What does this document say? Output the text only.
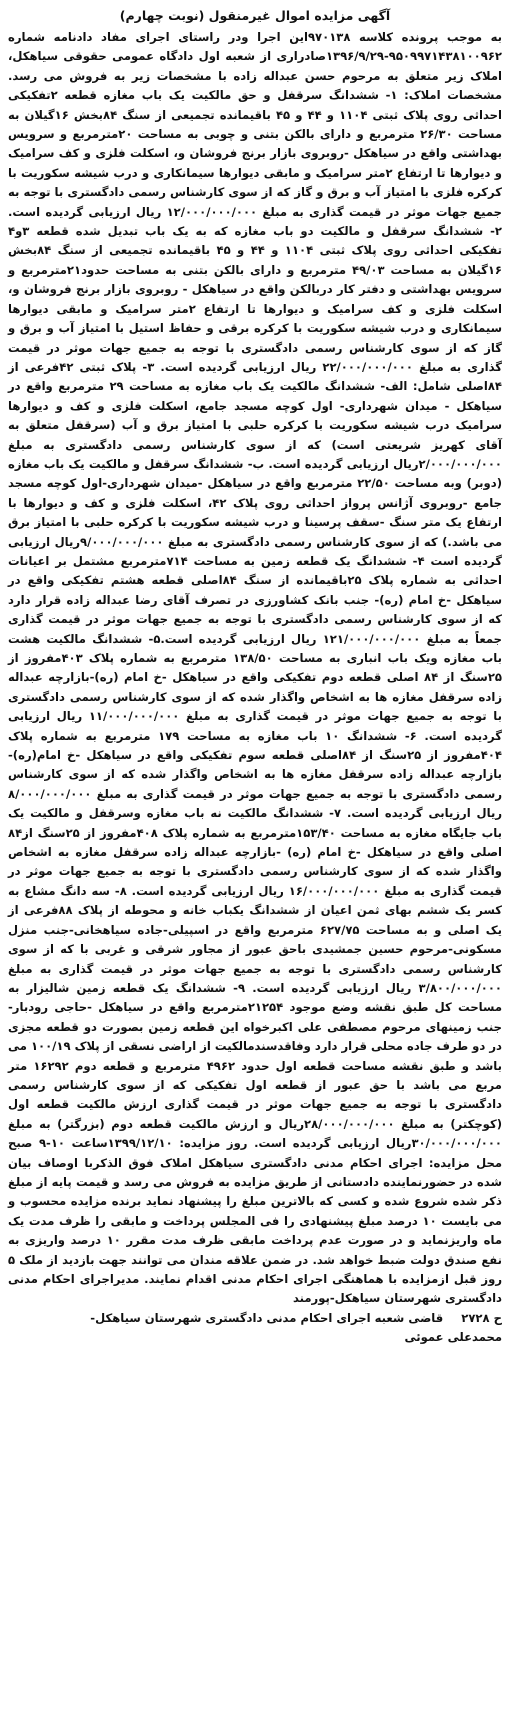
آگهی مزایده اموال غیرمنقول (نوبت چهارم)

به موجب پرونده کلاسه ۹۷۰۱۳۸این اجرا ودر راستای اجرای مفاد دادنامه شماره ۹۵۰۹۹۷۱۴۳۸۱۰۰۹۶۲-۱۳۹۶/۹/۲۹صادراری از شعبه اول دادگاه عمومی حقوقی سیاهکل، املاک زیر متعلق به مرحوم حسن عبداله زاده با مشخصات زیر به فروش می رسد. مشخصات املاک: ۱- ششدانگ سرقفل و حق مالکیت یک باب مغازه قطعه ۲تفکیکی احداثی روی پلاک ثبتی ۱۱۰۴ و ۴۴ و ۴۵ باقیمانده تجمیعی از سنگ ۸۴بخش ۱۶گیلان به مساحت ۲۶/۳۰ مترمربع و دارای بالکن بتنی و چوبی به مساحت ۲۰مترمربع و سرویس بهداشتی واقع در سیاهکل -روبروی بازار برنج فروشان و، اسکلت فلزی و کف سرامیک و دیوارها تا ارتفاع ۲متر سرامیک و مابقی دیوارها سیمانکاری و درب شیشه سکوریت با کرکره فلزی با امتیاز آب و برق و گاز که از سوی کارشناس رسمی دادگستری با توجه به جمیع جهات موثر در قیمت گذاری به مبلغ ۱۲/۰۰۰/۰۰۰/۰۰۰ ریال ارزیابی گردیده است. ۲- ششدانگ سرقفل و مالکیت دو باب مغازه که به یک باب تبدیل شده قطعه ۳و۴ تفکیکی احداثی روی پلاک ثبتی ۱۱۰۴ و ۴۴ و ۴۵ باقیمانده تجمیعی از سنگ ۸۴بخش ۱۶گیلان به مساحت ۴۹/۰۳ مترمربع و دارای بالکن بتنی به مساحت حدود۲۱مترمربع و سرویس بهداشتی و دفتر کار دربالکن واقع در سیاهکل - روبروی بازار برنج فروشان و، اسکلت فلزی و کف سرامیک و دیوارها تا ارتفاع ۲متر سرامیک و مابقی دیوارها سیمانکاری و درب شیشه سکوریت با کرکره برقی و حفاظ استیل با امتیاز آب و برق و گاز که از سوی کارشناس رسمی دادگستری با توجه به جمیع جهات موثر در قیمت گذاری به مبلغ ۲۲/۰۰۰/۰۰۰/۰۰۰ ریال ارزیابی گردیده است. ۳- پلاک ثبتی ۴۲فرعی از ۸۴اصلی شامل: الف- ششدانگ مالکیت یک باب مغازه به مساحت ۲۹ مترمربع واقع در سیاهکل - میدان شهرداری- اول کوچه مسجد جامع، اسکلت فلزی و کف و دیوارها سرامیک درب شیشه سکوریت با کرکره حلبی با امتیاز برق و آب (سرقفل متعلق به آقای کهریز شریعتی است) که از سوی کارشناس رسمی دادگستری به مبلغ ۲/۰۰۰/۰۰۰/۰۰۰ریال ارزیابی گردیده است. ب- ششدانگ سرقفل و مالکیت یک باب مغازه (دوبر) وبه مساحت ۲۲/۵۰ مترمربع واقع در سیاهکل -میدان شهرداری-اول کوچه مسجد جامع -روبروی آژانس پرواز احداثی روی پلاک ۴۲، اسکلت فلزی و کف و دیوارها با ارتفاع یک متر سنگ -سقف پرسینا و درب شیشه سکوریت با کرکره حلبی با امتیاز برق می باشد.) که از سوی کارشناس رسمی دادگستری به مبلغ ۹/۰۰۰/۰۰۰/۰۰۰ریال ارزیابی گردیده است ۴- ششدانگ یک قطعه زمین به مساحت ۷۱۴مترمربع مشتمل بر اعیانات احداثی به شماره پلاک ۲۵باقیمانده از سنگ ۸۴اصلی قطعه هشتم تفکیکی واقع در سیاهکل -خ امام (ره)- جنب بانک کشاورزی در تصرف آقای رضا عبداله زاده قرار دارد که از سوی کارشناس رسمی دادگستری با توجه به جمیع جهات موثر در قیمت گذاری جمعاً به مبلغ ۱۲۱/۰۰۰/۰۰۰/۰۰۰ ریال ارزیابی گردیده است.۵- ششدانگ مالکیت هشت باب مغازه ویک باب انباری به مساحت ۱۳۸/۵۰ مترمربع به شماره پلاک ۴۰۳مفروز از ۲۵سنگ از ۸۴ اصلی قطعه دوم تفکیکی واقع در سیاهکل -خ امام (ره)-بازارچه عبداله زاده سرقفل مغازه ها به اشخاص واگذار شده که از سوی کارشناس رسمی دادگستری با توجه به جمیع جهات موثر در قیمت گذاری به مبلغ ۱۱/۰۰۰/۰۰۰/۰۰۰ ریال ارزیابی گردیده است. ۶- ششدانگ ۱۰ باب مغازه به مساحت ۱۷۹ مترمربع به شماره پلاک ۴۰۴مفروز از ۲۵سنگ از ۸۴اصلی قطعه سوم تفکیکی واقع در سیاهکل -خ امام(ره)-بازارچه عبداله زاده سرقفل مغازه ها به اشخاص واگذار شده که از سوی کارشناس رسمی دادگستری با توجه به جمیع جهات موثر در قیمت گذاری به مبلغ ۸/۰۰۰/۰۰۰/۰۰۰ ریال ارزیابی گردیده است. ۷- ششدانگ مالکیت نه باب مغازه وسرقفل و مالکیت یک باب جایگاه مغازه به مساحت ۱۵۳/۴۰مترمربع به شماره پلاک ۴۰۸مفروز از ۲۵سنگ از۸۴ اصلی واقع در سیاهکل -خ امام (ره) -بازارچه عبداله زاده سرقفل مغازه به اشخاص واگذار شده که از سوی کارشناس رسمی دادگستری با توجه به جمیع جهات موثر در قیمت گذاری به مبلغ ۱۶/۰۰۰/۰۰۰/۰۰۰ ریال ارزیابی گردیده است. ۸- سه دانگ مشاع به کسر یک ششم بهای ثمن اعیان از ششدانگ یکباب خانه و محوطه از پلاک ۸۸فرعی از یک اصلی و به مساحت ۶۲۷/۷۵ مترمربع واقع در اسپیلی-جاده سیاهخانی-جنب منزل مسکونی-مرحوم حسین جمشیدی باحق عبور از مجاور شرقی و غربی با که از سوی کارشناس رسمی دادگستری با توجه به جمیع جهات موثر در قیمت گذاری به مبلغ ۳/۸۰۰/۰۰۰/۰۰۰ ریال ارزیابی گردیده است. ۹- ششدانگ یک قطعه زمین شالیزار به مساحت کل طبق نقشه وضع موجود ۲۱۲۵۴مترمربع واقع در سیاهکل -حاجی رودبار-جنب زمینهای مرحوم مصطفی علی اکبرخواه این قطعه زمین بصورت دو قطعه مجزی در دو طرف جاده محلی قرار دارد وفاقدسندمالکیت از اراضی نسقی از پلاک ۱۰۰/۱۹ می باشد و طبق نقشه مساحت قطعه اول حدود ۴۹۶۲ مترمربع و قطعه دوم ۱۶۲۹۲ متر مربع می باشد با حق عبور از قطعه اول تفکیکی که از سوی کارشناس رسمی دادگستری با توجه به جمیع جهات موثر در قیمت گذاری ارزش مالکیت قطعه اول (کوچکتر) به مبلغ ۲۸/۰۰۰/۰۰۰/۰۰۰ریال و ارزش مالکیت قطعه دوم (بزرگتر) به مبلغ ۳۰/۰۰۰/۰۰۰/۰۰۰ریال ارزیابی گردیده است. روز مزایده: ۱۳۹۹/۱۲/۱۰ساعت ۱۰-۹ صبح محل مزایده: اجرای احکام مدنی دادگستری سیاهکل املاک فوق الذکربا اوصاف بیان شده در حضورنماینده دادستانی از طریق مزایده به فروش می رسد و قیمت پایه از مبلغ ذکر شده شروع شده و کسی که بالاترین مبلغ را پیشنهاد نماید برنده مزایده محسوب و می بایست ۱۰ درصد مبلغ پیشنهادی را فی المجلس پرداخت و مابقی را ظرف مدت یک ماه واریزنماید و در صورت عدم پرداخت مابقی ظرف مدت مقرر ۱۰ درصد واریزی به نفع صندق دولت ضبط خواهد شد. در ضمن علاقه مندان می توانند جهت بازدید از ملک ۵ روز قبل ازمزایده با هماهنگی اجرای احکام مدنی اقدام نمایند. مدیراجرای احکام مدنی دادگستری شهرستان سیاهکل-پورمند

ح ۲۷۲۸ قاضی شعبه اجرای احکام مدنی دادگستری شهرستان سیاهکل-

محمدعلی عموئی
